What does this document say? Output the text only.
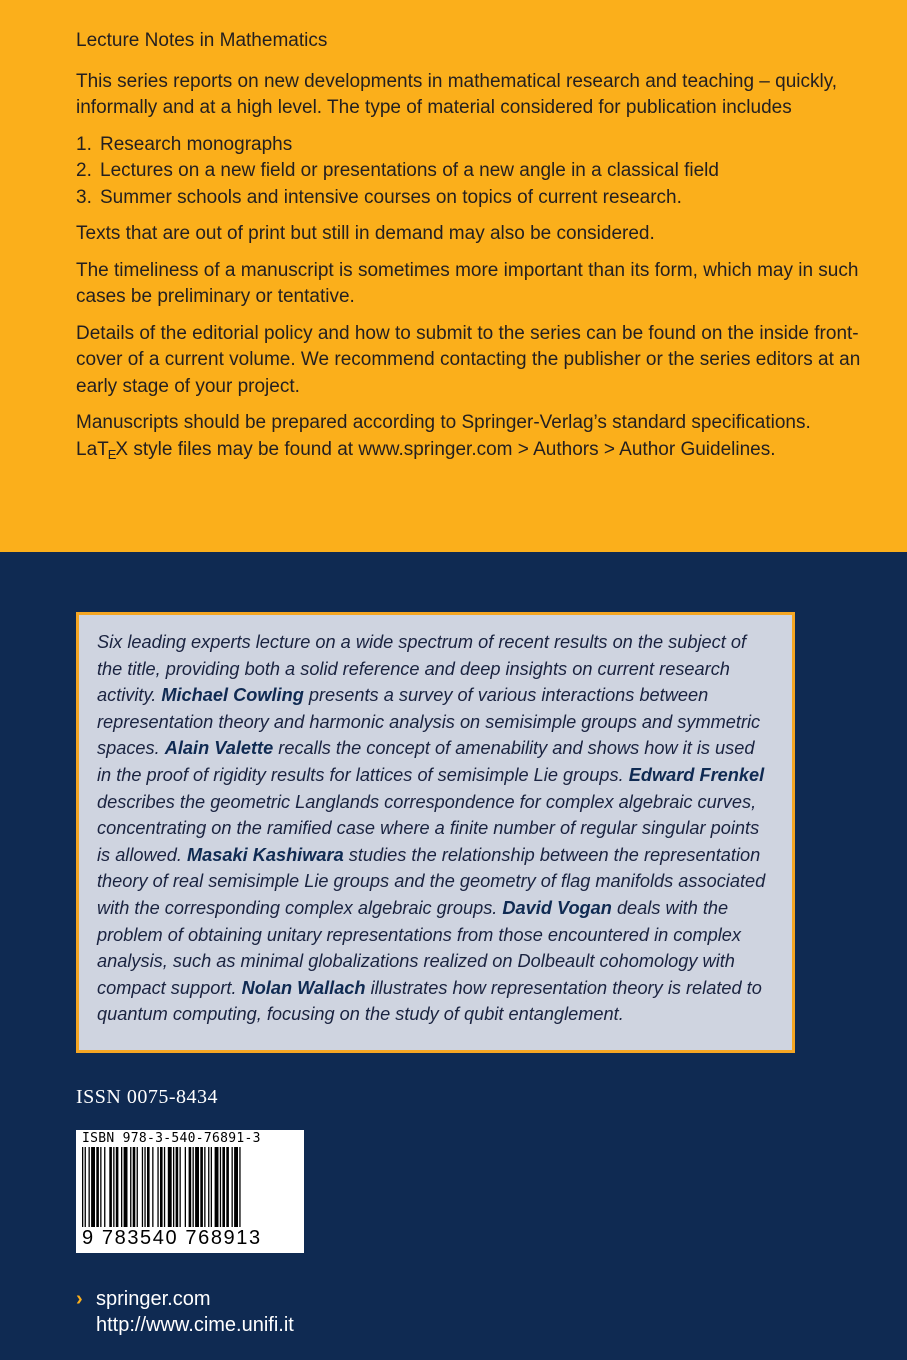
Lecture Notes in Mathematics

This series reports on new developments in mathematical research and teaching – quickly, informally and at a high level. The type of material considered for publication includes

1. Research monographs
2. Lectures on a new field or presentations of a new angle in a classical field
3. Summer schools and intensive courses on topics of current research.

Texts that are out of print but still in demand may also be considered.

The timeliness of a manuscript is sometimes more important than its form, which may in such cases be preliminary or tentative.

Details of the editorial policy and how to submit to the series can be found on the inside front-cover of a current volume. We recommend contacting the publisher or the series editors at an early stage of your project.

Manuscripts should be prepared according to Springer-Verlag’s standard specifications.
LaT$_E$X style files may be found at www.springer.com > Authors > Author Guidelines.

Six leading experts lecture on a wide spectrum of recent results on the subject of the title, providing both a solid reference and deep insights on current research activity. Michael Cowling presents a survey of various interactions between representation theory and harmonic analysis on semisimple groups and symmetric spaces. Alain Valette recalls the concept of amenability and shows how it is used in the proof of rigidity results for lattices of semisimple Lie groups. Edward Frenkel describes the geometric Langlands correspondence for complex algebraic curves, concentrating on the ramified case where a finite number of regular singular points is allowed. Masaki Kashiwara studies the relationship between the representation theory of real semisimple Lie groups and the geometry of flag manifolds associated with the corresponding complex algebraic groups. David Vogan deals with the problem of obtaining unitary representations from those encountered in complex analysis, such as minimal globalizations realized on Dolbeault cohomology with compact support. Nolan Wallach illustrates how representation theory is related to quantum computing, focusing on the study of qubit entanglement.
ISSN 0075-8434
ISBN 978-3-540-76891-3
9 783540 768913
› springer.com
http://www.cime.unifi.it
